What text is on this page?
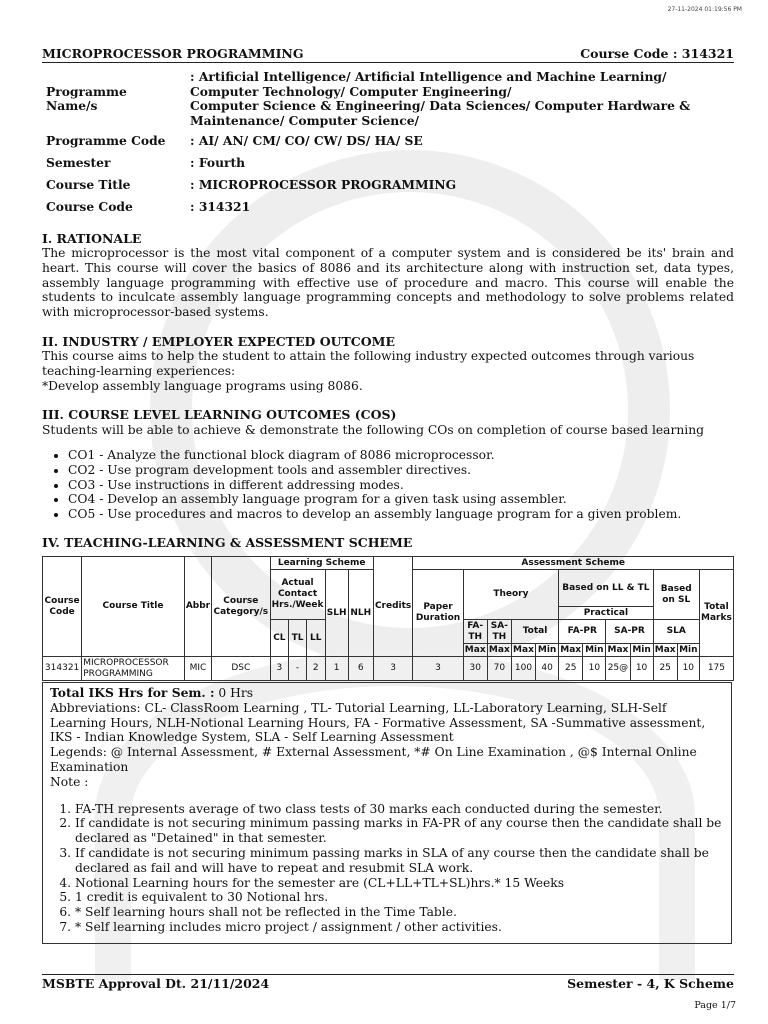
27-11-2024 01:19:56 PM
MICROPROCESSOR PROGRAMMING	Course Code : 314321
Programme Name/s	: Artificial Intelligence/ Artificial Intelligence and Machine Learning/ Computer Technology/ Computer Engineering/
Computer Science & Engineering/ Data Sciences/ Computer Hardware & Maintenance/ Computer Science/
Programme Code	: AI/ AN/ CM/ CO/ CW/ DS/ HA/ SE
Semester	: Fourth
Course Title	: MICROPROCESSOR PROGRAMMING
Course Code	: 314321
I. RATIONALE
The microprocessor is the most vital component of a computer system and is considered be its' brain and heart. This course will cover the basics of 8086 and its architecture along with instruction set, data types, assembly language programming with effective use of procedure and macro. This course will enable the students to inculcate assembly language programming concepts and methodology to solve problems related with microprocessor-based systems.
II. INDUSTRY / EMPLOYER EXPECTED OUTCOME
This course aims to help the student to attain the following industry expected outcomes through various teaching-learning experiences:
*Develop assembly language programs using 8086.
III. COURSE LEVEL LEARNING OUTCOMES (COS)
Students will be able to achieve & demonstrate the following COs on completion of course based learning
• CO1 - Analyze the functional block diagram of 8086 microprocessor.
• CO2 - Use program development tools and assembler directives.
• CO3 - Use instructions in different addressing modes.
• CO4 - Develop an assembly language program for a given task using assembler.
• CO5 - Use procedures and macros to develop an assembly language program for a given problem.
IV. TEACHING-LEARNING & ASSESSMENT SCHEME
Course Code	Course Title	Abbr	Course Category/s	Learning Scheme					Credits	Assessment Scheme											
				Actual Contact Hrs./Week			SLH	NLH		Paper Duration	Theory				Based on LL & TL				Based on SL		Total Marks
															Practical						
				CL	TL	LL					FA-TH	SA-TH	Total		FA-PR		SA-PR		SLA		
											Max	Max	Max	Min	Max	Min	Max	Min	Max	Min	
314321	MICROPROCESSOR PROGRAMMING	MIC	DSC	3	-	2	1	6	3	3	30	70	100	40	25	10	25@	10	25	10	175
Total IKS Hrs for Sem. : 0 Hrs
Abbreviations: CL- ClassRoom Learning , TL- Tutorial Learning, LL-Laboratory Learning, SLH-Self Learning Hours, NLH-Notional Learning Hours, FA - Formative Assessment, SA -Summative assessment, IKS - Indian Knowledge System, SLA - Self Learning Assessment
Legends: @ Internal Assessment, # External Assessment, *# On Line Examination , @$ Internal Online Examination
Note :
1. FA-TH represents average of two class tests of 30 marks each conducted during the semester.
2. If candidate is not securing minimum passing marks in FA-PR of any course then the candidate shall be declared as "Detained" in that semester.
3. If candidate is not securing minimum passing marks in SLA of any course then the candidate shall be declared as fail and will have to repeat and resubmit SLA work.
4. Notional Learning hours for the semester are (CL+LL+TL+SL)hrs.* 15 Weeks
5. 1 credit is equivalent to 30 Notional hrs.
6. * Self learning hours shall not be reflected in the Time Table.
7. * Self learning includes micro project / assignment / other activities.
MSBTE Approval Dt. 21/11/2024	Semester - 4, K Scheme
Page 1/7
